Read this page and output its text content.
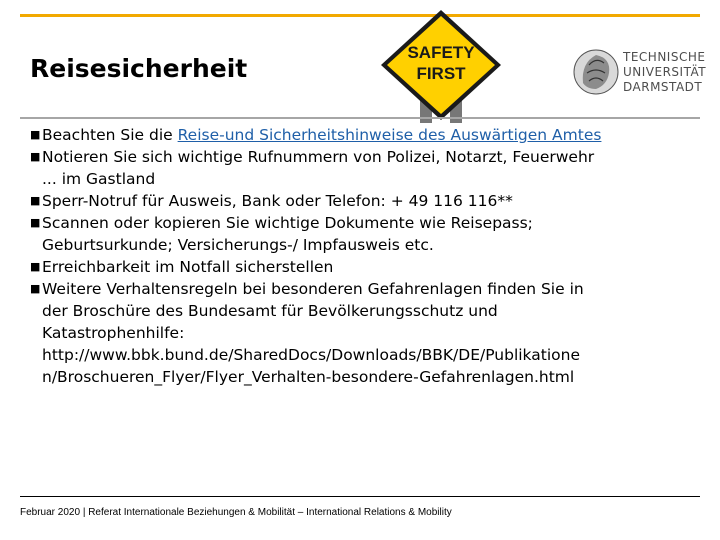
Reisesicherheit
SAFETY
FIRST
TECHNISCHE
UNIVERSITÄT
DARMSTADT
■ Beachten Sie die Reise-und Sicherheitshinweise des Auswärtigen Amtes
■ Notieren Sie sich wichtige Rufnummern von Polizei, Notarzt, Feuerwehr
... im Gastland
■ Sperr-Notruf für Ausweis, Bank oder Telefon: + 49 116 116**
■ Scannen oder kopieren Sie wichtige Dokumente wie Reisepass;
Geburtsurkunde; Versicherungs-/ Impfausweis etc.
■ Erreichbarkeit im Notfall sicherstellen
■ Weitere Verhaltensregeln bei besonderen Gefahrenlagen finden Sie in
der Broschüre des Bundesamt für Bevölkerungsschutz und
Katastrophenhilfe:
http://www.bbk.bund.de/SharedDocs/Downloads/BBK/DE/Publikatione
n/Broschueren_Flyer/Flyer_Verhalten-besondere-Gefahrenlagen.html
Februar 2020 | Referat Internationale Beziehungen & Mobilität – International Relations & Mobility
